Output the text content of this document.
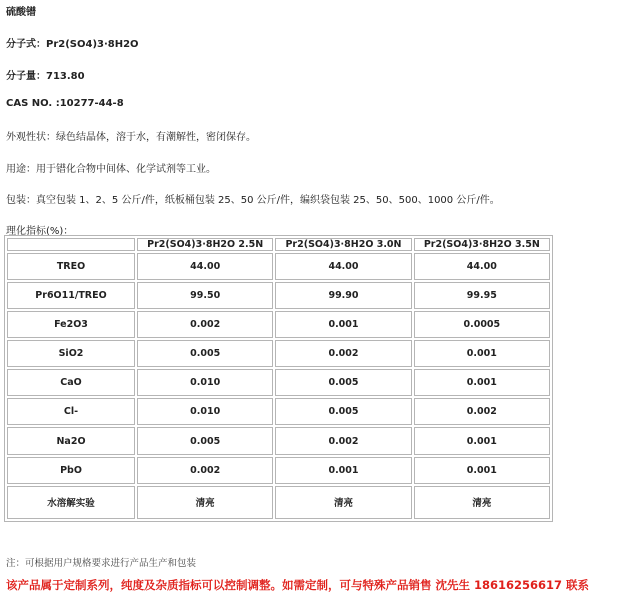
硫酸镨
分子式：Pr2(SO4)3·8H2O
分子量：713.80
CAS NO. :10277-44-8
外观性状：绿色结晶体，溶于水，有潮解性，密闭保存。
用途：用于镨化合物中间体、化学试剂等工业。
包装：真空包装 1、2、5 公斤/件，纸板桶包装 25、50 公斤/件，编织袋包装 25、50、500、1000 公斤/件。
理化指标(%)：
	Pr2(SO4)3·8H2O 2.5N	Pr2(SO4)3·8H2O 3.0N	Pr2(SO4)3·8H2O 3.5N
TREO	44.00	44.00	44.00
Pr6O11/TREO	99.50	99.90	99.95
Fe2O3	0.002	0.001	0.0005
SiO2	0.005	0.002	0.001
CaO	0.010	0.005	0.001
Cl-	0.010	0.005	0.002
Na2O	0.005	0.002	0.001
PbO	0.002	0.001	0.001
水溶解实验	清亮	清亮	清亮
注：可根据用户规格要求进行产品生产和包装
该产品属于定制系列，纯度及杂质指标可以控制调整。如需定制，可与特殊产品销售 沈先生 18616256617 联系
